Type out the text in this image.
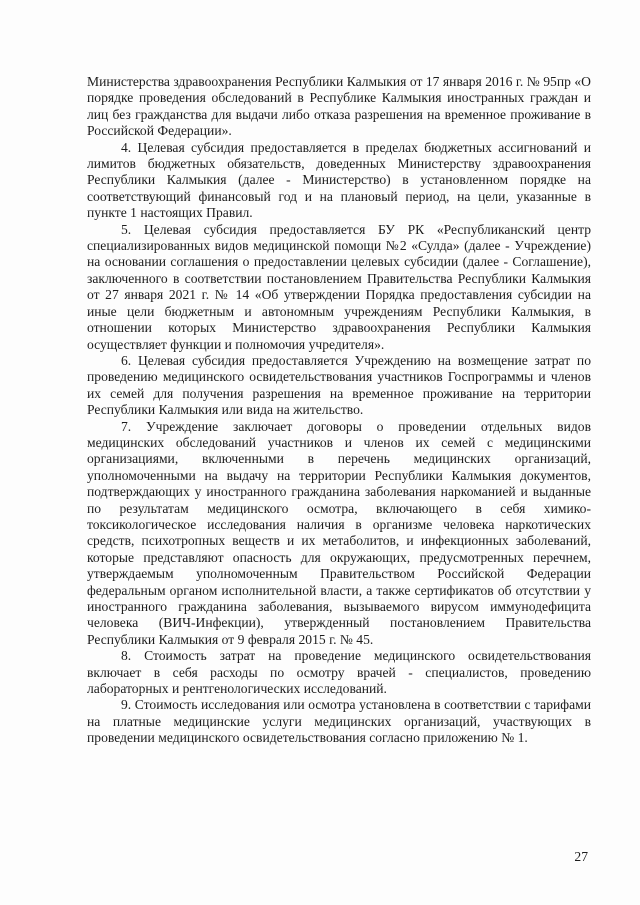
Министерства здравоохранения Республики Калмыкия от 17 января 2016 г. № 95пр «О порядке проведения обследований в Республике Калмыкия иностранных граждан и лиц без гражданства для выдачи либо отказа разрешения на временное проживание в Российской Федерации».

4. Целевая субсидия предоставляется в пределах бюджетных ассигнований и лимитов бюджетных обязательств, доведенных Министерству здравоохранения Республики Калмыкия (далее - Министерство) в установленном порядке на соответствующий финансовый год и на плановый период, на цели, указанные в пункте 1 настоящих Правил.

5. Целевая субсидия предоставляется БУ РК «Республиканский центр специализированных видов медицинской помощи №2 «Сулда» (далее - Учреждение) на основании соглашения о предоставлении целевых субсидии (далее - Соглашение), заключенного в соответствии постановлением Правительства Республики Калмыкия от 27 января 2021 г. № 14 «Об утверждении Порядка предоставления субсидии на иные цели бюджетным и автономным учреждениям Республики Калмыкия, в отношении которых Министерство здравоохранения Республики Калмыкия осуществляет функции и полномочия учредителя».

6. Целевая субсидия предоставляется Учреждению на возмещение затрат по проведению медицинского освидетельствования участников Госпрограммы и членов их семей для получения разрешения на временное проживание на территории Республики Калмыкия или вида на жительство.

7. Учреждение заключает договоры о проведении отдельных видов медицинских обследований участников и членов их семей с медицинскими организациями, включенными в перечень медицинских организаций, уполномоченными на выдачу на территории Республики Калмыкия документов, подтверждающих у иностранного гражданина заболевания наркоманией и выданные по результатам медицинского осмотра, включающего в себя химико-токсикологическое исследования наличия в организме человека наркотических средств, психотропных веществ и их метаболитов, и инфекционных заболеваний, которые представляют опасность для окружающих, предусмотренных перечнем, утверждаемым уполномоченным Правительством Российской Федерации федеральным органом исполнительной власти, а также сертификатов об отсутствии у иностранного гражданина заболевания, вызываемого вирусом иммунодефицита человека (ВИЧ-Инфекции), утвержденный постановлением Правительства Республики Калмыкия от 9 февраля 2015 г. № 45.

8. Стоимость затрат на проведение медицинского освидетельствования включает в себя расходы по осмотру врачей - специалистов, проведению лабораторных и рентгенологических исследований.

9. Стоимость исследования или осмотра установлена в соответствии с тарифами на платные медицинские услуги медицинских организаций, участвующих в проведении медицинского освидетельствования согласно приложению № 1.

27
